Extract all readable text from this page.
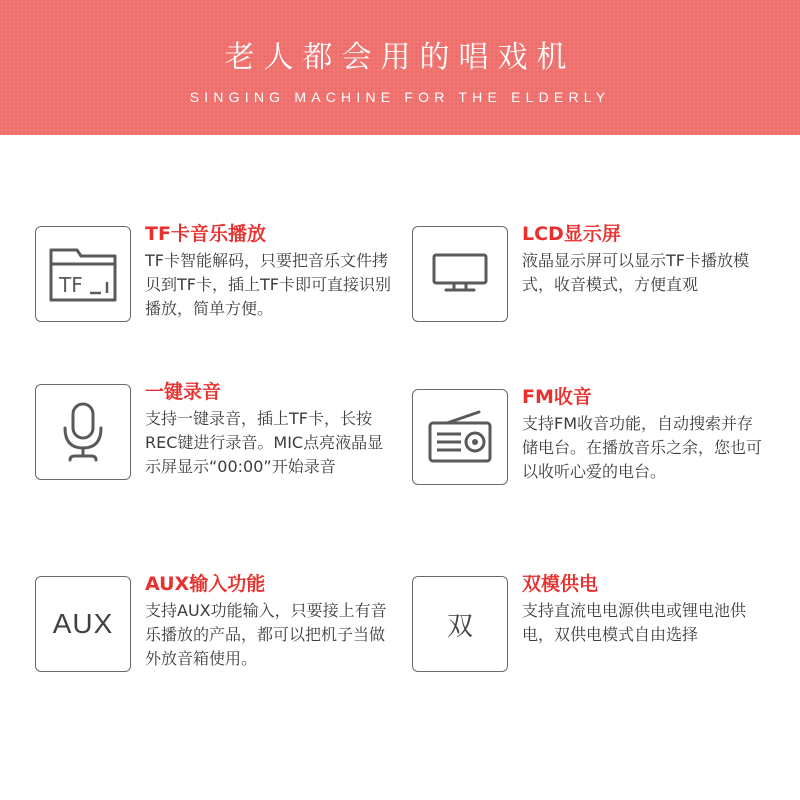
老人都会用的唱戏机
SINGING MACHINE FOR THE ELDERLY
TF
TF卡音乐播放

TF卡智能解码，只要把音乐文件拷贝到TF卡，插上TF卡即可直接识别播放，简单方便。

LCD显示屏

液晶显示屏可以显示TF卡播放模式，收音模式，方便直观

一键录音

支持一键录音，插上TF卡，长按REC键进行录音。MIC点亮液晶显示屏显示“00:00”开始录音

FM收音

支持FM收音功能，自动搜索并存储电台。在播放音乐之余，您也可以收听心爱的电台。

AUX
AUX输入功能

支持AUX功能输入，只要接上有音乐播放的产品，都可以把机子当做外放音箱使用。

双
双模供电

支持直流电电源供电或锂电池供电，双供电模式自由选择
